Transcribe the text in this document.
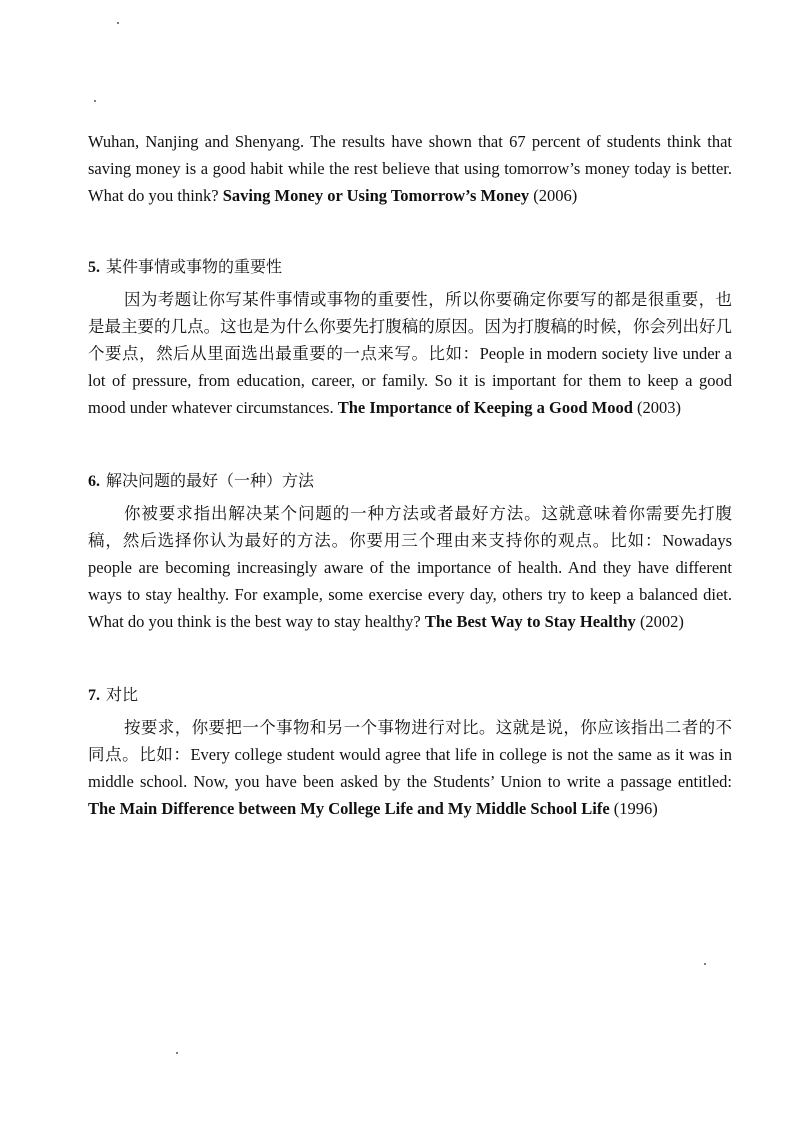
Wuhan, Nanjing and Shenyang. The results have shown that 67 percent of students think that saving money is a good habit while the rest believe that using tomorrow’s money today is better. What do you think? Saving Money or Using Tomorrow’s Money (2006)

5. 某件事情或事物的重要性

因为考题让你写某件事情或事物的重要性，所以你要确定你要写的都是很重要，也是最主要的几点。这也是为什么你要先打腹稿的原因。因为打腹稿的时候，你会列出好几个要点，然后从里面选出最重要的一点来写。比如：People in modern society live under a lot of pressure, from education, career, or family. So it is important for them to keep a good mood under whatever circumstances. The Importance of Keeping a Good Mood (2003)

6. 解决问题的最好（一种）方法

你被要求指出解决某个问题的一种方法或者最好方法。这就意味着你需要先打腹稿，然后选择你认为最好的方法。你要用三个理由来支持你的观点。比如：Nowadays people are becoming increasingly aware of the importance of health. And they have different ways to stay healthy. For example, some exercise every day, others try to keep a balanced diet. What do you think is the best way to stay healthy? The Best Way to Stay Healthy (2002)

7. 对比

按要求，你要把一个事物和另一个事物进行对比。这就是说，你应该指出二者的不同点。比如：Every college student would agree that life in college is not the same as it was in middle school. Now, you have been asked by the Students’ Union to write a passage entitled: The Main Difference between My College Life and My Middle School Life (1996)
